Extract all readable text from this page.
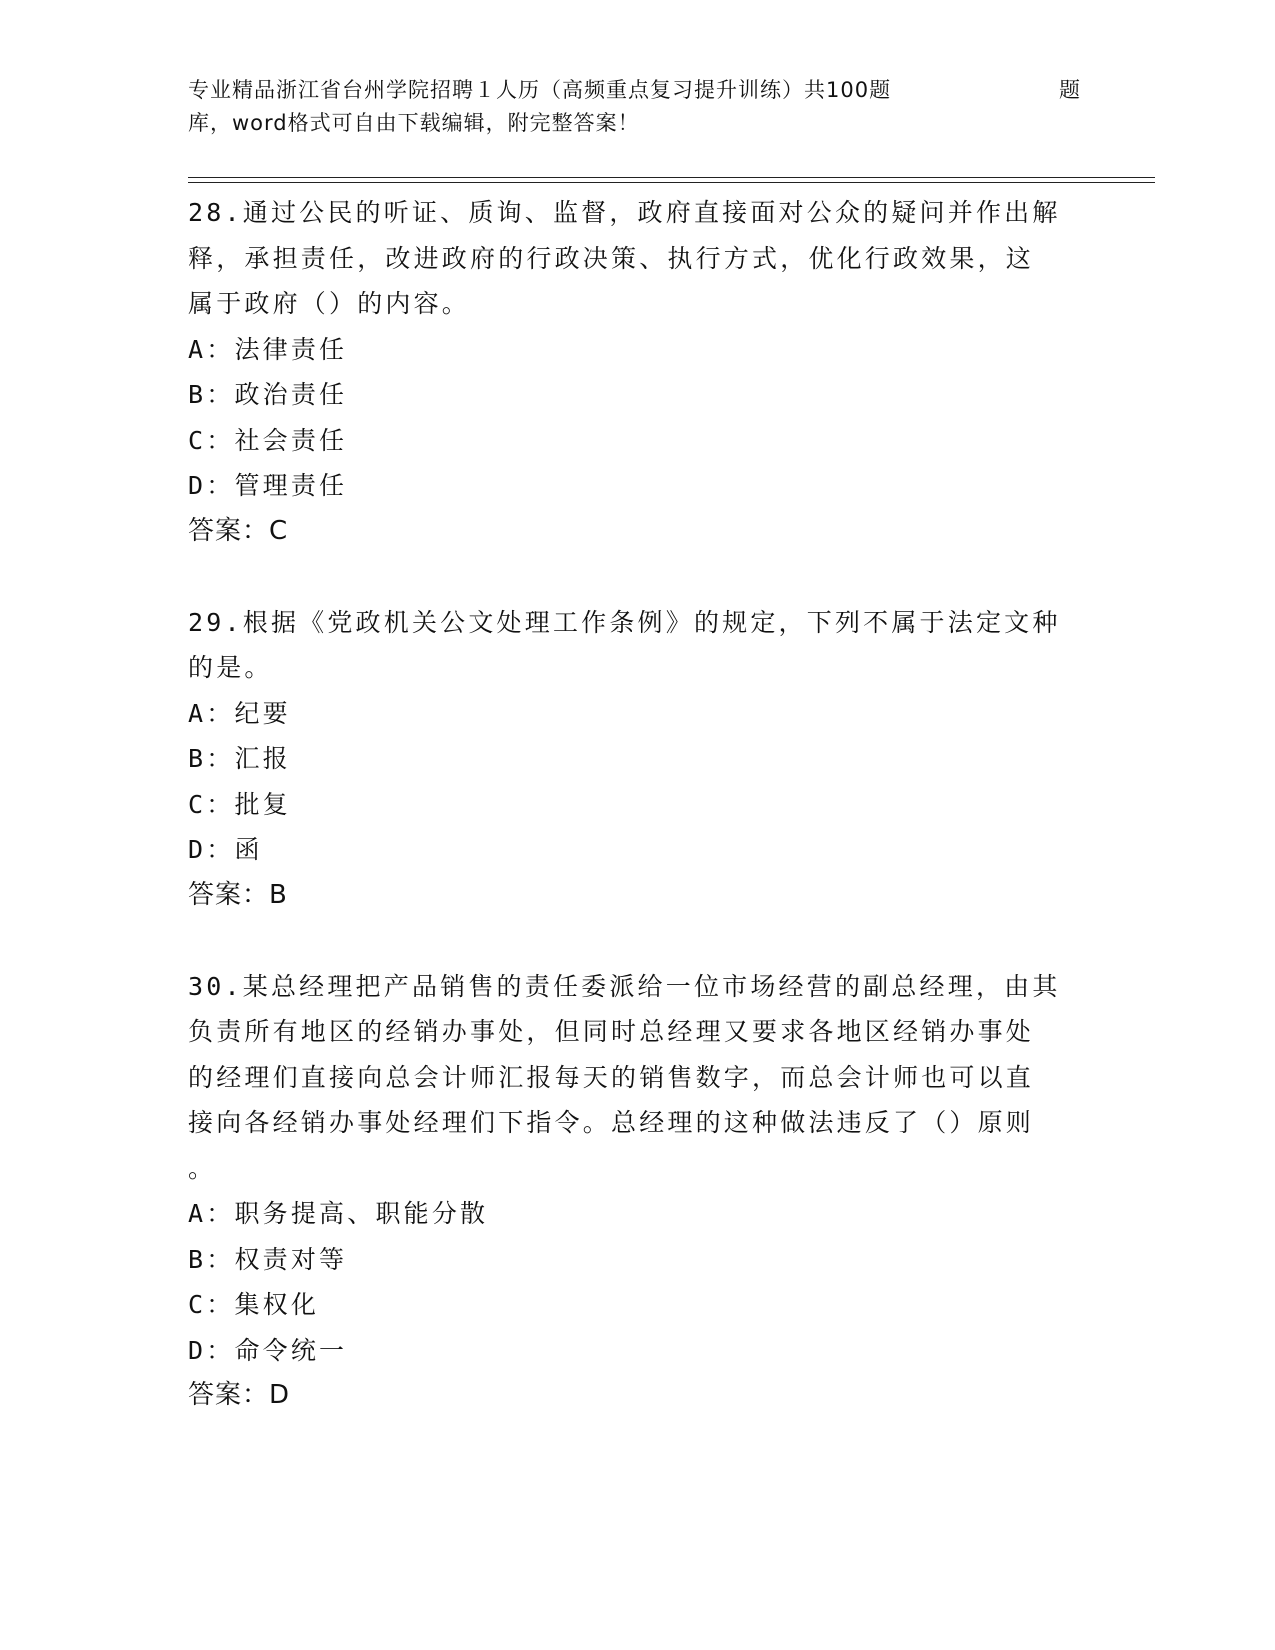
专业精品浙江省台州学院招聘１人历（高频重点复习提升训练）共100题	题
库，word格式可自由下载编辑，附完整答案！
28.通过公民的听证、质询、监督，政府直接面对公众的疑问并作出解
释，承担责任，改进政府的行政决策、执行方式，优化行政效果，这
属于政府（）的内容。
A：法律责任
B：政治责任
C：社会责任
D：管理责任
答案：C
29.根据《党政机关公文处理工作条例》的规定，下列不属于法定文种
的是。
A：纪要
B：汇报
C：批复
D：函
答案：B
30.某总经理把产品销售的责任委派给一位市场经营的副总经理，由其
负责所有地区的经销办事处，但同时总经理又要求各地区经销办事处
的经理们直接向总会计师汇报每天的销售数字，而总会计师也可以直
接向各经销办事处经理们下指令。总经理的这种做法违反了（）原则
。
A：职务提高、职能分散
B：权责对等
C：集权化
D：命令统一
答案：D
